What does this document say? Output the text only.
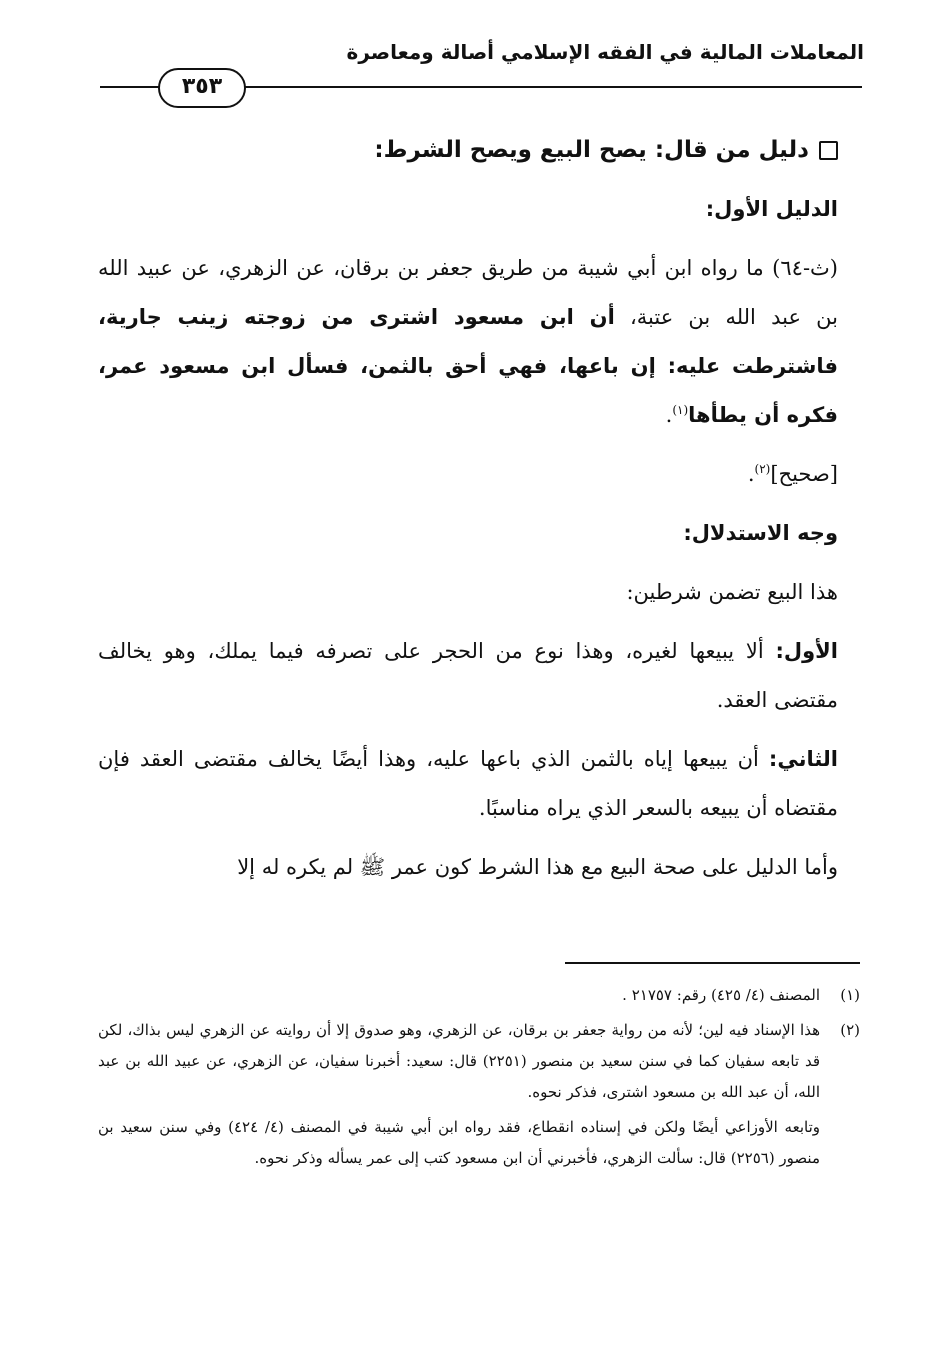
المعاملات المالية في الفقه الإسلامي أصالة ومعاصرة
٣٥٣

دليل من قال: يصح البيع ويصح الشرط:

الدليل الأول:

(ث-٦٤) ما رواه ابن أبي شيبة من طريق جعفر بن برقان، عن الزهري، عن عبيد الله بن عبد الله بن عتبة، أن ابن مسعود اشترى من زوجته زينب جارية، فاشترطت عليه: إن باعها، فهي أحق بالثمن، فسأل ابن مسعود عمر، فكره أن يطأها$^{(١)}$.

[صحيح]$^{(٢)}$.

وجه الاستدلال:

هذا البيع تضمن شرطين:

الأول: ألا يبيعها لغيره، وهذا نوع من الحجر على تصرفه فيما يملك، وهو يخالف مقتضى العقد.

الثاني: أن يبيعها إياه بالثمن الذي باعها عليه، وهذا أيضًا يخالف مقتضى العقد فإن مقتضاه أن يبيعه بالسعر الذي يراه مناسبًا.

وأما الدليل على صحة البيع مع هذا الشرط كون عمر ﷺ لم يكره له إلا

(١)
المصنف (٤/ ٤٢٥) رقم: ٢١٧٥٧ .
(٢)
هذا الإسناد فيه لين؛ لأنه من رواية جعفر بن برقان، عن الزهري، وهو صدوق إلا أن روايته عن الزهري ليس بذاك، لكن قد تابعه سفيان كما في سنن سعيد بن منصور (٢٢٥١) قال: سعيد: أخبرنا سفيان، عن الزهري، عن عبيد الله بن عبد الله، أن عبد الله بن مسعود اشترى، فذكر نحوه.

وتابعه الأوزاعي أيضًا ولكن في إسناده انقطاع، فقد رواه ابن أبي شيبة في المصنف (٤/ ٤٢٤) وفي سنن سعيد بن منصور (٢٢٥٦) قال: سألت الزهري، فأخبرني أن ابن مسعود كتب إلى عمر يسأله وذكر نحوه.
